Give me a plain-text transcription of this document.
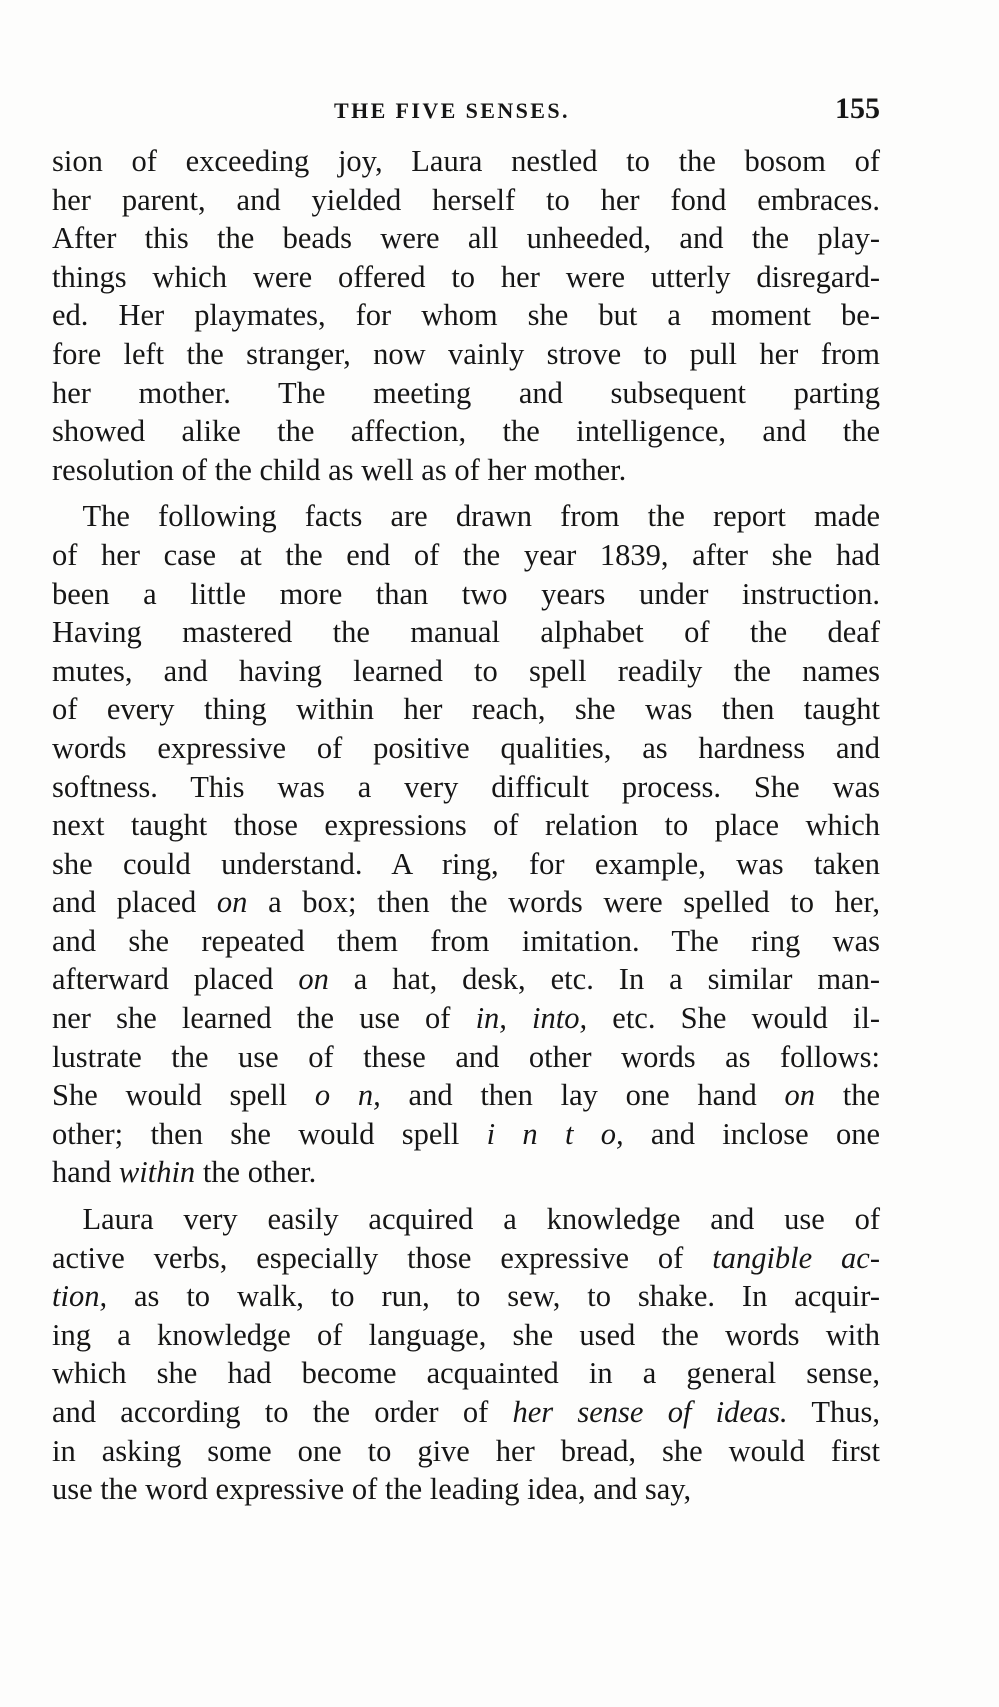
THE FIVE SENSES.	155
sion of exceeding joy, Laura nestled to the bosom of
her parent, and yielded herself to her fond embraces.
After this the beads were all unheeded, and the play-
things which were offered to her were utterly disregard-
ed. Her playmates, for whom she but a moment be-
fore left the stranger, now vainly strove to pull her from
her mother. The meeting and subsequent parting
showed alike the affection, the intelligence, and the
resolution of the child as well as of her mother.
 The following facts are drawn from the report made
of her case at the end of the year 1839, after she had
been a little more than two years under instruction.
Having mastered the manual alphabet of the deaf
mutes, and having learned to spell readily the names
of every thing within her reach, she was then taught
words expressive of positive qualities, as hardness and
softness. This was a very difficult process. She was
next taught those expressions of relation to place which
she could understand. A ring, for example, was taken
and placed on a box; then the words were spelled to her,
and she repeated them from imitation. The ring was
afterward placed on a hat, desk, etc. In a similar man-
ner she learned the use of in, into, etc. She would il-
lustrate the use of these and other words as follows:
She would spell o n, and then lay one hand on the
other; then she would spell i n t o, and inclose one
hand within the other.
 Laura very easily acquired a knowledge and use of
active verbs, especially those expressive of tangible ac-
tion, as to walk, to run, to sew, to shake. In acquir-
ing a knowledge of language, she used the words with
which she had become acquainted in a general sense,
and according to the order of her sense of ideas. Thus,
in asking some one to give her bread, she would first
use the word expressive of the leading idea, and say,
